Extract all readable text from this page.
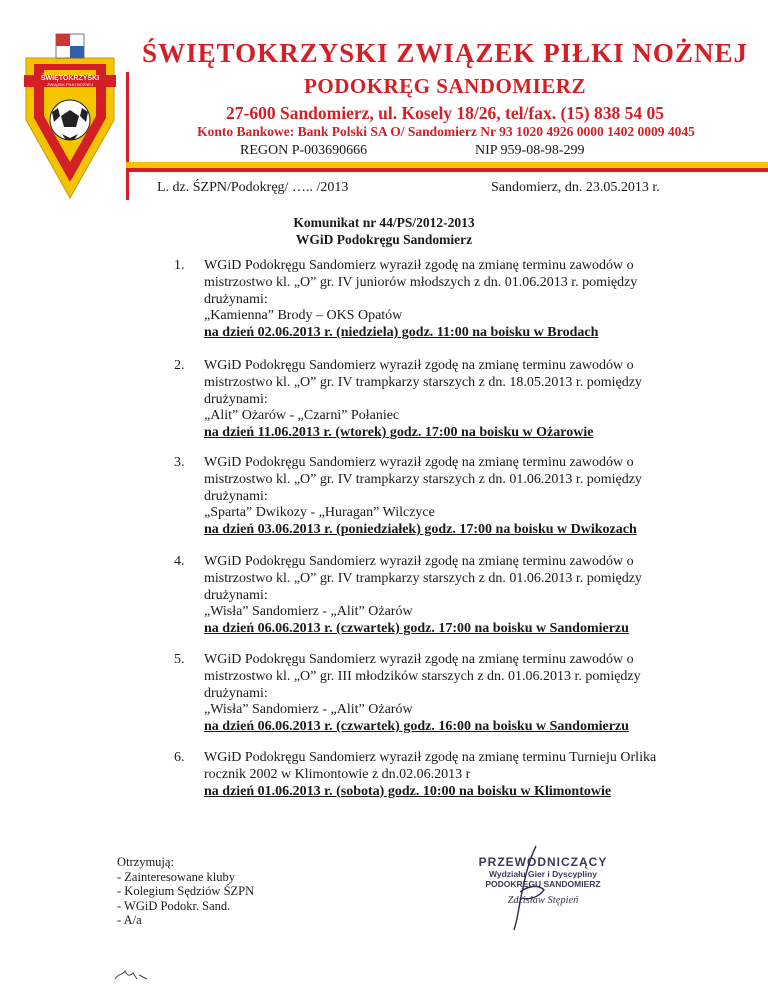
ŚWIĘTOKRZYSKI
ZWIĄZEK PIŁKI NOŻNEJ
ŚWIĘTOKRZYSKI ZWIĄZEK PIŁKI NOŻNEJ
PODOKRĘG SANDOMIERZ
27-600 Sandomierz, ul. Kosely 18/26, tel/fax. (15) 838 54 05
Konto Bankowe: Bank Polski SA O/ Sandomierz Nr 93 1020 4926 0000 1402 0009 4045
REGON P-003690666	NIP 959-08-98-299
L. dz. ŚZPN/Podokręg/ ….. /2013	Sandomierz, dn. 23.05.2013 r.
Komunikat nr 44/PS/2012-2013
WGiD Podokręgu Sandomierz
1. WGiD Podokręgu Sandomierz wyraził zgodę na zmianę terminu zawodów o
mistrzostwo kl. „O” gr. IV juniorów młodszych z dn. 01.06.2013 r. pomiędzy
drużynami:
„Kamienna” Brody – OKS Opatów
na dzień 02.06.2013 r. (niedziela) godz. 11:00 na boisku w Brodach
2. WGiD Podokręgu Sandomierz wyraził zgodę na zmianę terminu zawodów o
mistrzostwo kl. „O” gr. IV trampkarzy starszych z dn. 18.05.2013 r. pomiędzy
drużynami:
„Alit” Ożarów - „Czarni” Połaniec
na dzień 11.06.2013 r. (wtorek) godz. 17:00 na boisku w Ożarowie
3. WGiD Podokręgu Sandomierz wyraził zgodę na zmianę terminu zawodów o
mistrzostwo kl. „O” gr. IV trampkarzy starszych z dn. 01.06.2013 r. pomiędzy
drużynami:
„Sparta” Dwikozy - „Huragan” Wilczyce
na dzień 03.06.2013 r. (poniedziałek) godz. 17:00 na boisku w Dwikozach
4. WGiD Podokręgu Sandomierz wyraził zgodę na zmianę terminu zawodów o
mistrzostwo kl. „O” gr. IV trampkarzy starszych z dn. 01.06.2013 r. pomiędzy
drużynami:
„Wisła” Sandomierz - „Alit” Ożarów
na dzień 06.06.2013 r. (czwartek) godz. 17:00 na boisku w Sandomierzu
5. WGiD Podokręgu Sandomierz wyraził zgodę na zmianę terminu zawodów o
mistrzostwo kl. „O” gr. III młodzików starszych z dn. 01.06.2013 r. pomiędzy
drużynami:
„Wisła” Sandomierz - „Alit” Ożarów
na dzień 06.06.2013 r. (czwartek) godz. 16:00 na boisku w Sandomierzu
6. WGiD Podokręgu Sandomierz wyraził zgodę na zmianę terminu Turnieju Orlika
rocznik 2002 w Klimontowie z dn.02.06.2013 r
na dzień 01.06.2013 r. (sobota) godz. 10:00 na boisku w Klimontowie
Otrzymują:
- Zainteresowane kluby
- Kolegium Sędziów ŚZPN
- WGiD Podokr. Sand.
- A/a
PRZEWODNICZĄCY
Wydziału Gier i Dyscypliny
PODOKRĘGU SANDOMIERZ
Zdzisław Stępień
